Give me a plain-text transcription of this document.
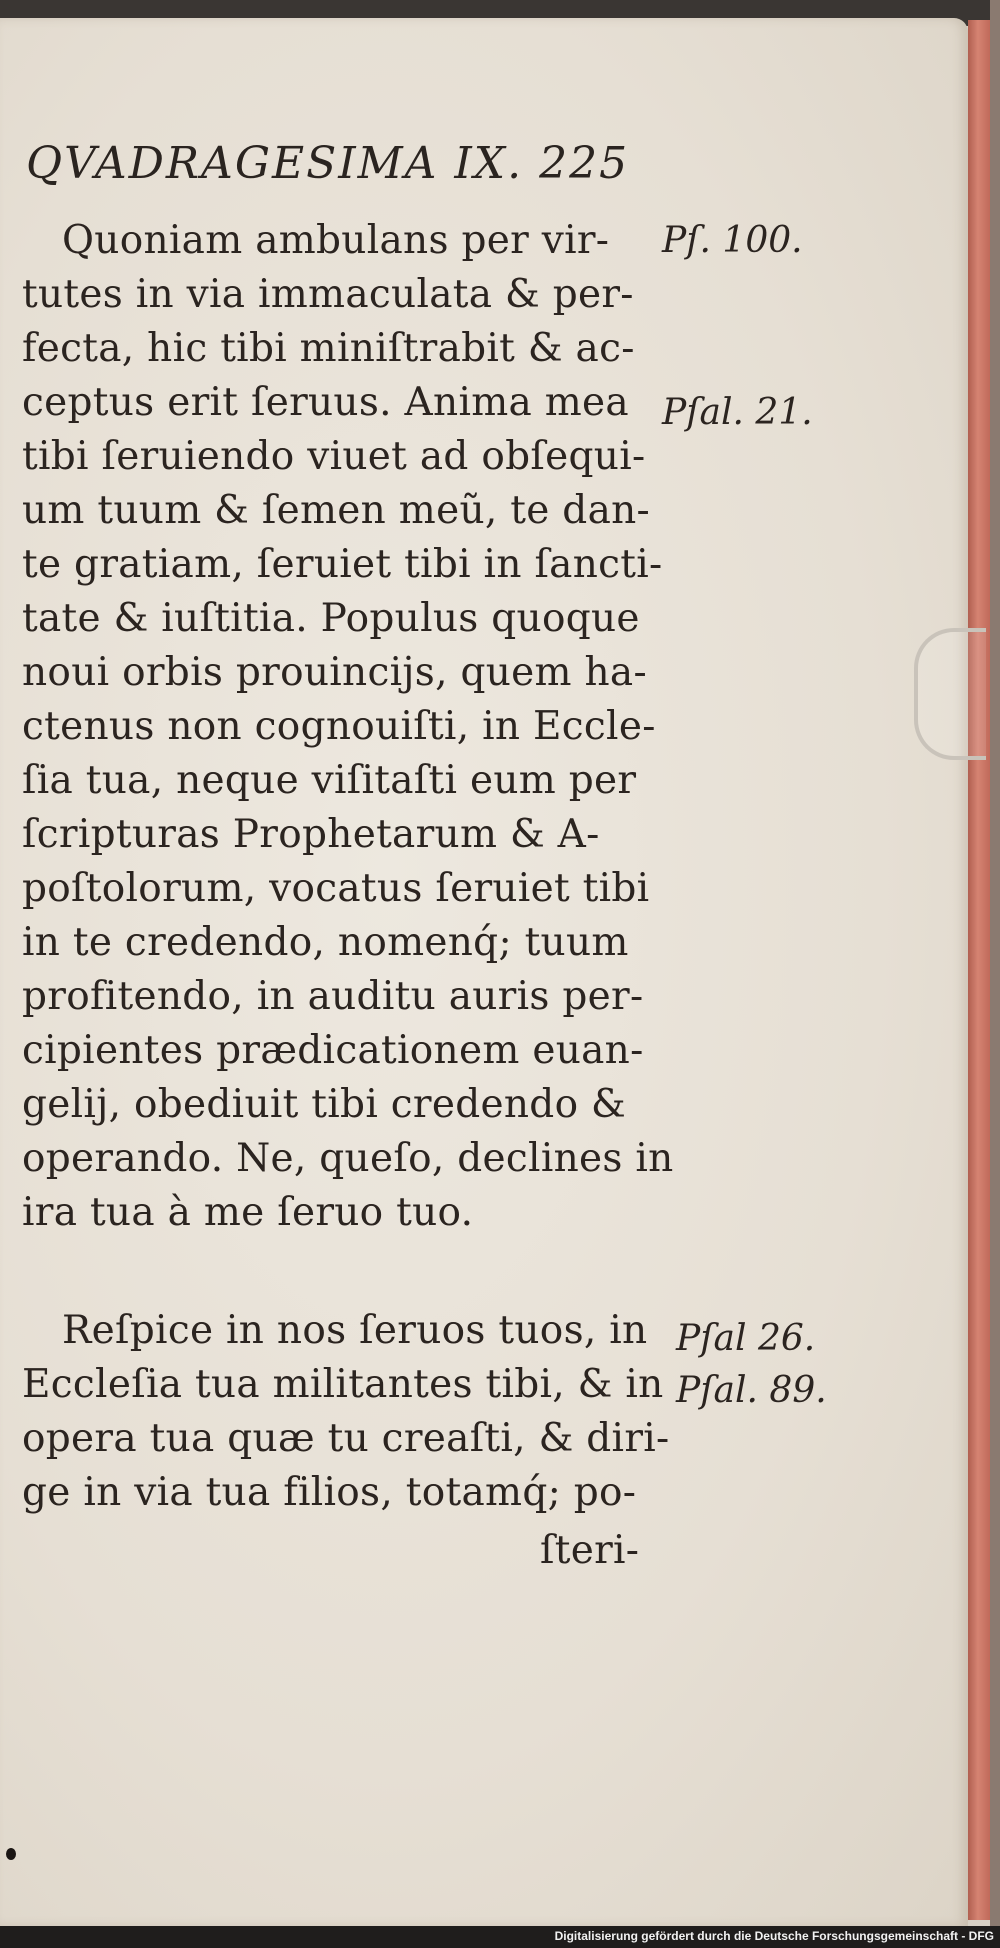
QVADRAGESIMA IX. 225
Quoniam ambulans per vir-
tutes in via immaculata & per-
fecta, hic tibi miniſtrabit & ac-
ceptus erit ſeruus. Anima mea
tibi ſeruiendo viuet ad obſequi-
um tuum & ſemen meũ, te dan-
te gratiam, ſeruiet tibi in ſancti-
tate & iuſtitia. Populus quoque
noui orbis prouincijs, quem ha-
ctenus non cognouiſti, in Eccle-
ſia tua, neque viſitaſti eum per
ſcripturas Prophetarum & A-
poſtolorum, vocatus ſeruiet tibi
in te credendo, nomenq́; tuum
profitendo, in auditu auris per-
cipientes prædicationem euan-
gelij, obediuit tibi credendo &
operando. Ne, queſo, declines in
ira tua à me ſeruo tuo.
Reſpice in nos ſeruos tuos, in
Eccleſia tua militantes tibi, & in
opera tua quæ tu creaſti, & diri-
ge in via tua filios, totamq́; po-
ſteri-
Pſ. 100.
Pſal. 21.
Pſal 26.
Pſal. 89.
Digitalisierung gefördert durch die Deutsche Forschungsgemeinschaft - DFG
